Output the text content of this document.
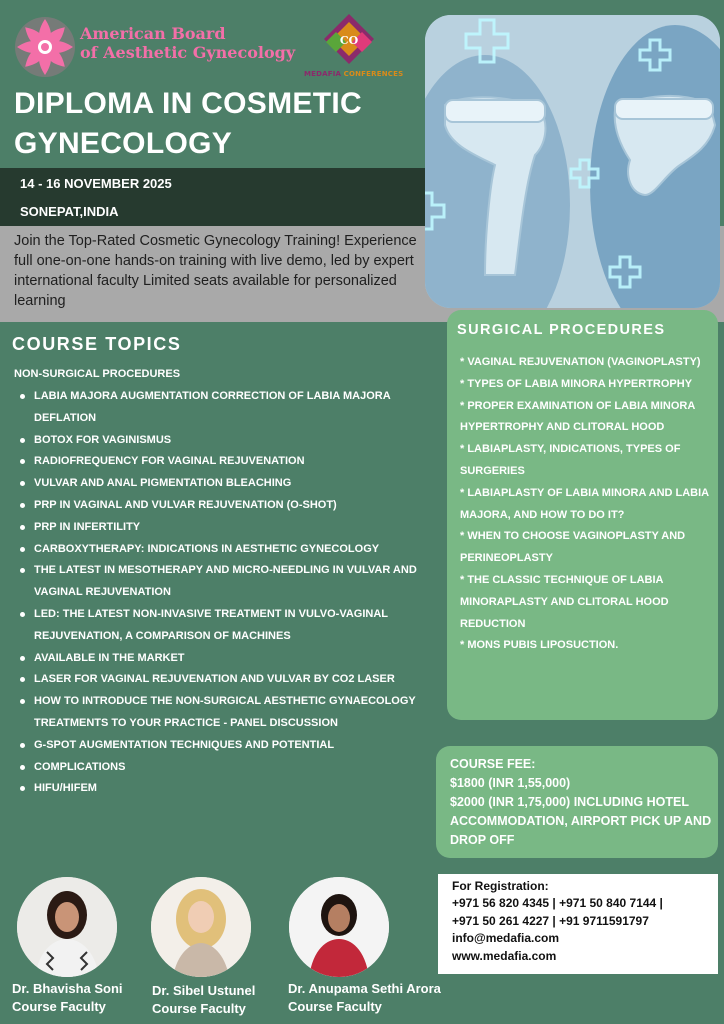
American Board
of Aesthetic Gynecology
CO
MEDAFIA CONFERENCES
DIPLOMA IN COSMETIC
GYNECOLOGY
14 - 16 NOVEMBER 2025
SONEPAT,INDIA
Join the Top-Rated Cosmetic Gynecology Training! Experience full one-on-one hands-on training with live demo, led by expert international faculty Limited seats available for personalized learning
COURSE TOPICS
NON-SURGICAL PROCEDURES
LABIA MAJORA AUGMENTATION CORRECTION OF LABIA MAJORA DEFLATION
BOTOX FOR VAGINISMUS
RADIOFREQUENCY FOR VAGINAL REJUVENATION
VULVAR AND ANAL PIGMENTATION BLEACHING
PRP IN VAGINAL AND VULVAR REJUVENATION (O-SHOT)
PRP IN INFERTILITY
CARBOXYTHERAPY: INDICATIONS IN AESTHETIC GYNECOLOGY
THE LATEST IN MESOTHERAPY AND MICRO-NEEDLING IN VULVAR AND VAGINAL REJUVENATION
LED: THE LATEST NON-INVASIVE TREATMENT IN VULVO-VAGINAL REJUVENATION, A COMPARISON OF MACHINES
AVAILABLE IN THE MARKET
LASER FOR VAGINAL REJUVENATION AND VULVAR BY CO2 LASER
HOW TO INTRODUCE THE NON-SURGICAL AESTHETIC GYNAECOLOGY TREATMENTS TO YOUR PRACTICE - PANEL DISCUSSION
G-SPOT AUGMENTATION TECHNIQUES AND POTENTIAL
COMPLICATIONS
HIFU/HIFEM
SURGICAL PROCEDURES
* VAGINAL REJUVENATION (VAGINOPLASTY)
* TYPES OF LABIA MINORA HYPERTROPHY
* PROPER EXAMINATION OF LABIA MINORA HYPERTROPHY AND CLITORAL HOOD
* LABIAPLASTY, INDICATIONS, TYPES OF SURGERIES
* LABIAPLASTY OF LABIA MINORA AND LABIA MAJORA, AND HOW TO DO IT?
* WHEN TO CHOOSE VAGINOPLASTY AND PERINEOPLASTY
* THE CLASSIC TECHNIQUE OF LABIA MINORAPLASTY AND CLITORAL HOOD REDUCTION
* MONS PUBIS LIPOSUCTION.
COURSE FEE:
$1800 (INR 1,55,000)
$2000 (INR 1,75,000) INCLUDING HOTEL ACCOMMODATION, AIRPORT PICK UP AND DROP OFF
For Registration:
+971 56 820 4345 | +971 50 840 7144 |
+971 50 261 4227 | +91 9711591797
info@medafia.com
www.medafia.com
Dr. Bhavisha Soni
Course Faculty
Dr. Sibel Ustunel
Course Faculty
Dr. Anupama Sethi Arora
Course Faculty
